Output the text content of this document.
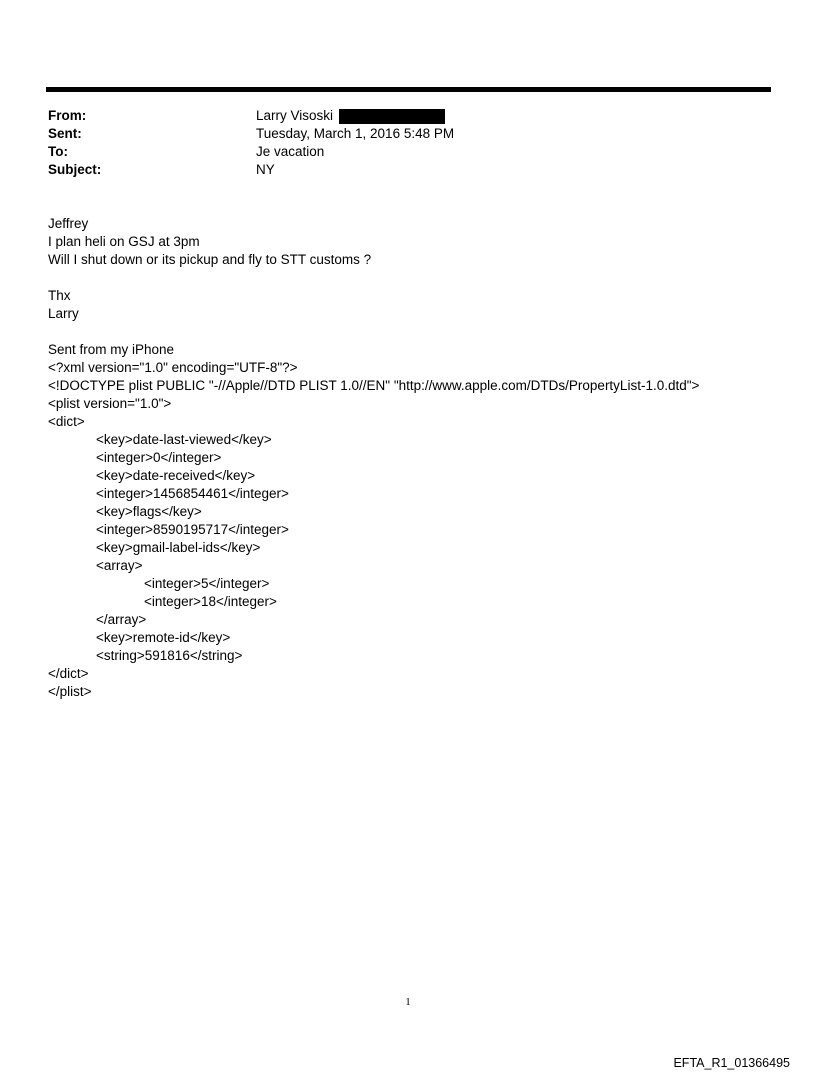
From:	Larry Visoski
Sent:	Tuesday, March 1, 2016 5:48 PM
To:	Je vacation
Subject:	NY
Jeffrey
I plan heli on GSJ at 3pm
Will I shut down or its pickup and fly to STT customs ?
Thx
Larry
Sent from my iPhone
<?xml version="1.0" encoding="UTF-8"?>
<!DOCTYPE plist PUBLIC "-//Apple//DTD PLIST 1.0//EN" "http://www.apple.com/DTDs/PropertyList-1.0.dtd">
<plist version="1.0">
<dict>
<key>date-last-viewed</key>
<integer>0</integer>
<key>date-received</key>
<integer>1456854461</integer>
<key>flags</key>
<integer>8590195717</integer>
<key>gmail-label-ids</key>
<array>
<integer>5</integer>
<integer>18</integer>
</array>
<key>remote-id</key>
<string>591816</string>
</dict>
</plist>
1
EFTA_R1_01366495
